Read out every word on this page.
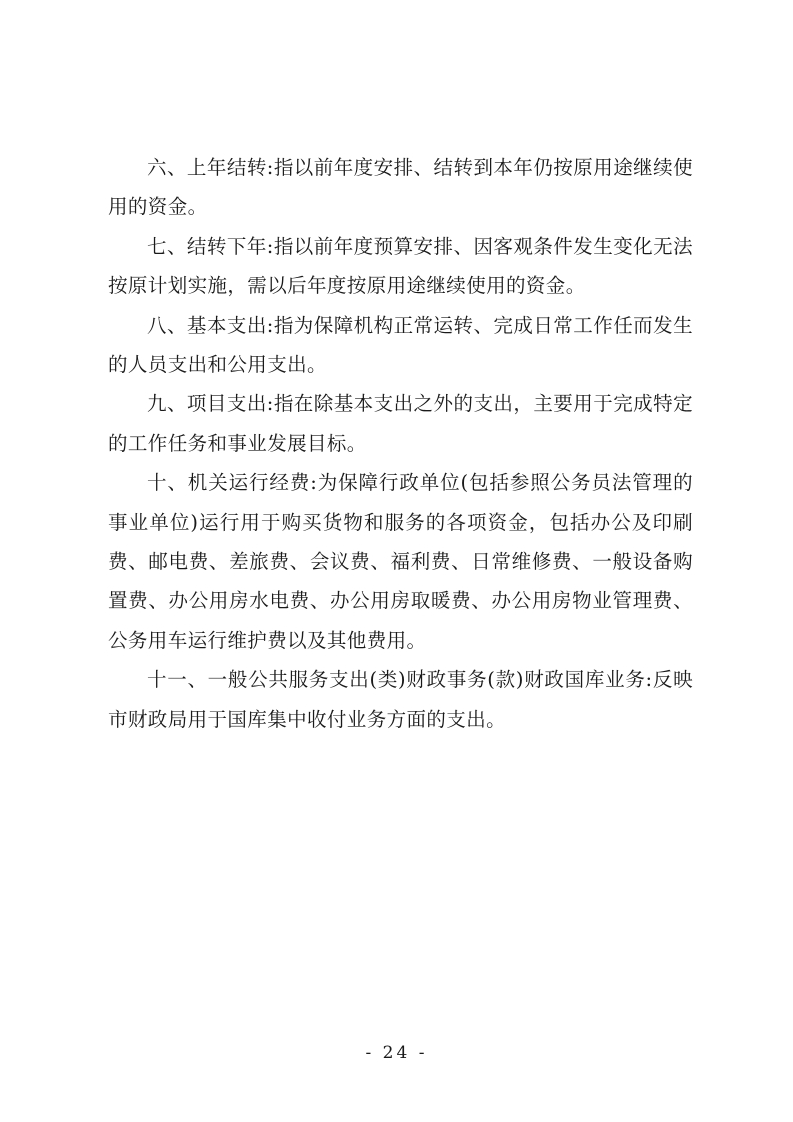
六、上年结转:指以前年度安排、结转到本年仍按原用途继续使用的资金。

七、结转下年:指以前年度预算安排、因客观条件发生变化无法按原计划实施，需以后年度按原用途继续使用的资金。

八、基本支出:指为保障机构正常运转、完成日常工作任而发生的人员支出和公用支出。

九、项目支出:指在除基本支出之外的支出，主要用于完成特定的工作任务和事业发展目标。

十、机关运行经费:为保障行政单位(包括参照公务员法管理的事业单位)运行用于购买货物和服务的各项资金，包括办公及印刷费、邮电费、差旅费、会议费、福利费、日常维修费、一般设备购置费、办公用房水电费、办公用房取暖费、办公用房物业管理费、公务用车运行维护费以及其他费用。

十一、一般公共服务支出(类)财政事务(款)财政国库业务:反映市财政局用于国库集中收付业务方面的支出。

- 24 -
